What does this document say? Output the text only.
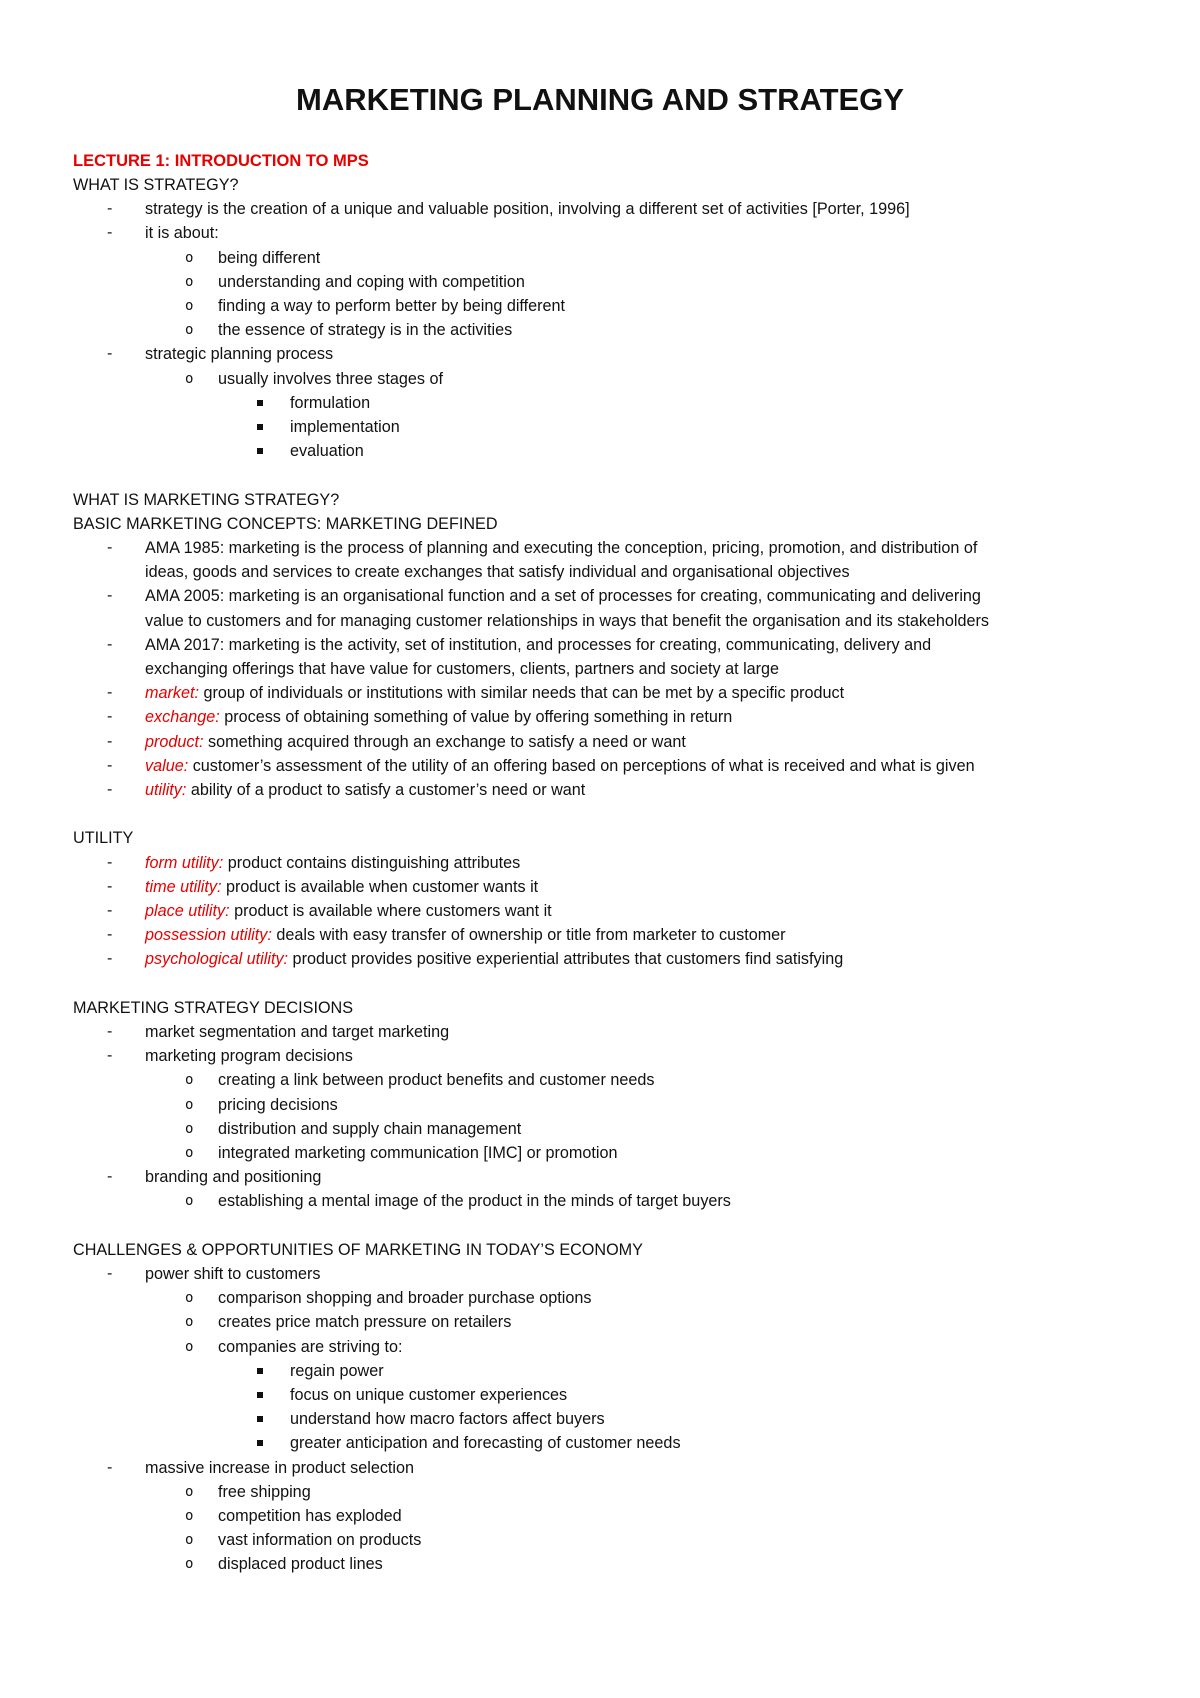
MARKETING PLANNING AND STRATEGY
LECTURE 1: INTRODUCTION TO MPS
WHAT IS STRATEGY?
- strategy is the creation of a unique and valuable position, involving a different set of activities [Porter, 1996]
- it is about:
o being different
o understanding and coping with competition
o finding a way to perform better by being different
o the essence of strategy is in the activities
- strategic planning process
o usually involves three stages of
formulation
implementation
evaluation
WHAT IS MARKETING STRATEGY?
BASIC MARKETING CONCEPTS: MARKETING DEFINED
- AMA 1985: marketing is the process of planning and executing the conception, pricing, promotion, and distribution of
ideas, goods and services to create exchanges that satisfy individual and organisational objectives
- AMA 2005: marketing is an organisational function and a set of processes for creating, communicating and delivering
value to customers and for managing customer relationships in ways that benefit the organisation and its stakeholders
- AMA 2017: marketing is the activity, set of institution, and processes for creating, communicating, delivery and
exchanging offerings that have value for customers, clients, partners and society at large
- market: group of individuals or institutions with similar needs that can be met by a specific product
- exchange: process of obtaining something of value by offering something in return
- product: something acquired through an exchange to satisfy a need or want
- value: customer’s assessment of the utility of an offering based on perceptions of what is received and what is given
- utility: ability of a product to satisfy a customer’s need or want
UTILITY
- form utility: product contains distinguishing attributes
- time utility: product is available when customer wants it
- place utility: product is available where customers want it
- possession utility: deals with easy transfer of ownership or title from marketer to customer
- psychological utility: product provides positive experiential attributes that customers find satisfying
MARKETING STRATEGY DECISIONS
- market segmentation and target marketing
- marketing program decisions
o creating a link between product benefits and customer needs
o pricing decisions
o distribution and supply chain management
o integrated marketing communication [IMC] or promotion
- branding and positioning
o establishing a mental image of the product in the minds of target buyers
CHALLENGES & OPPORTUNITIES OF MARKETING IN TODAY’S ECONOMY
- power shift to customers
o comparison shopping and broader purchase options
o creates price match pressure on retailers
o companies are striving to:
regain power
focus on unique customer experiences
understand how macro factors affect buyers
greater anticipation and forecasting of customer needs
- massive increase in product selection
o free shipping
o competition has exploded
o vast information on products
o displaced product lines
